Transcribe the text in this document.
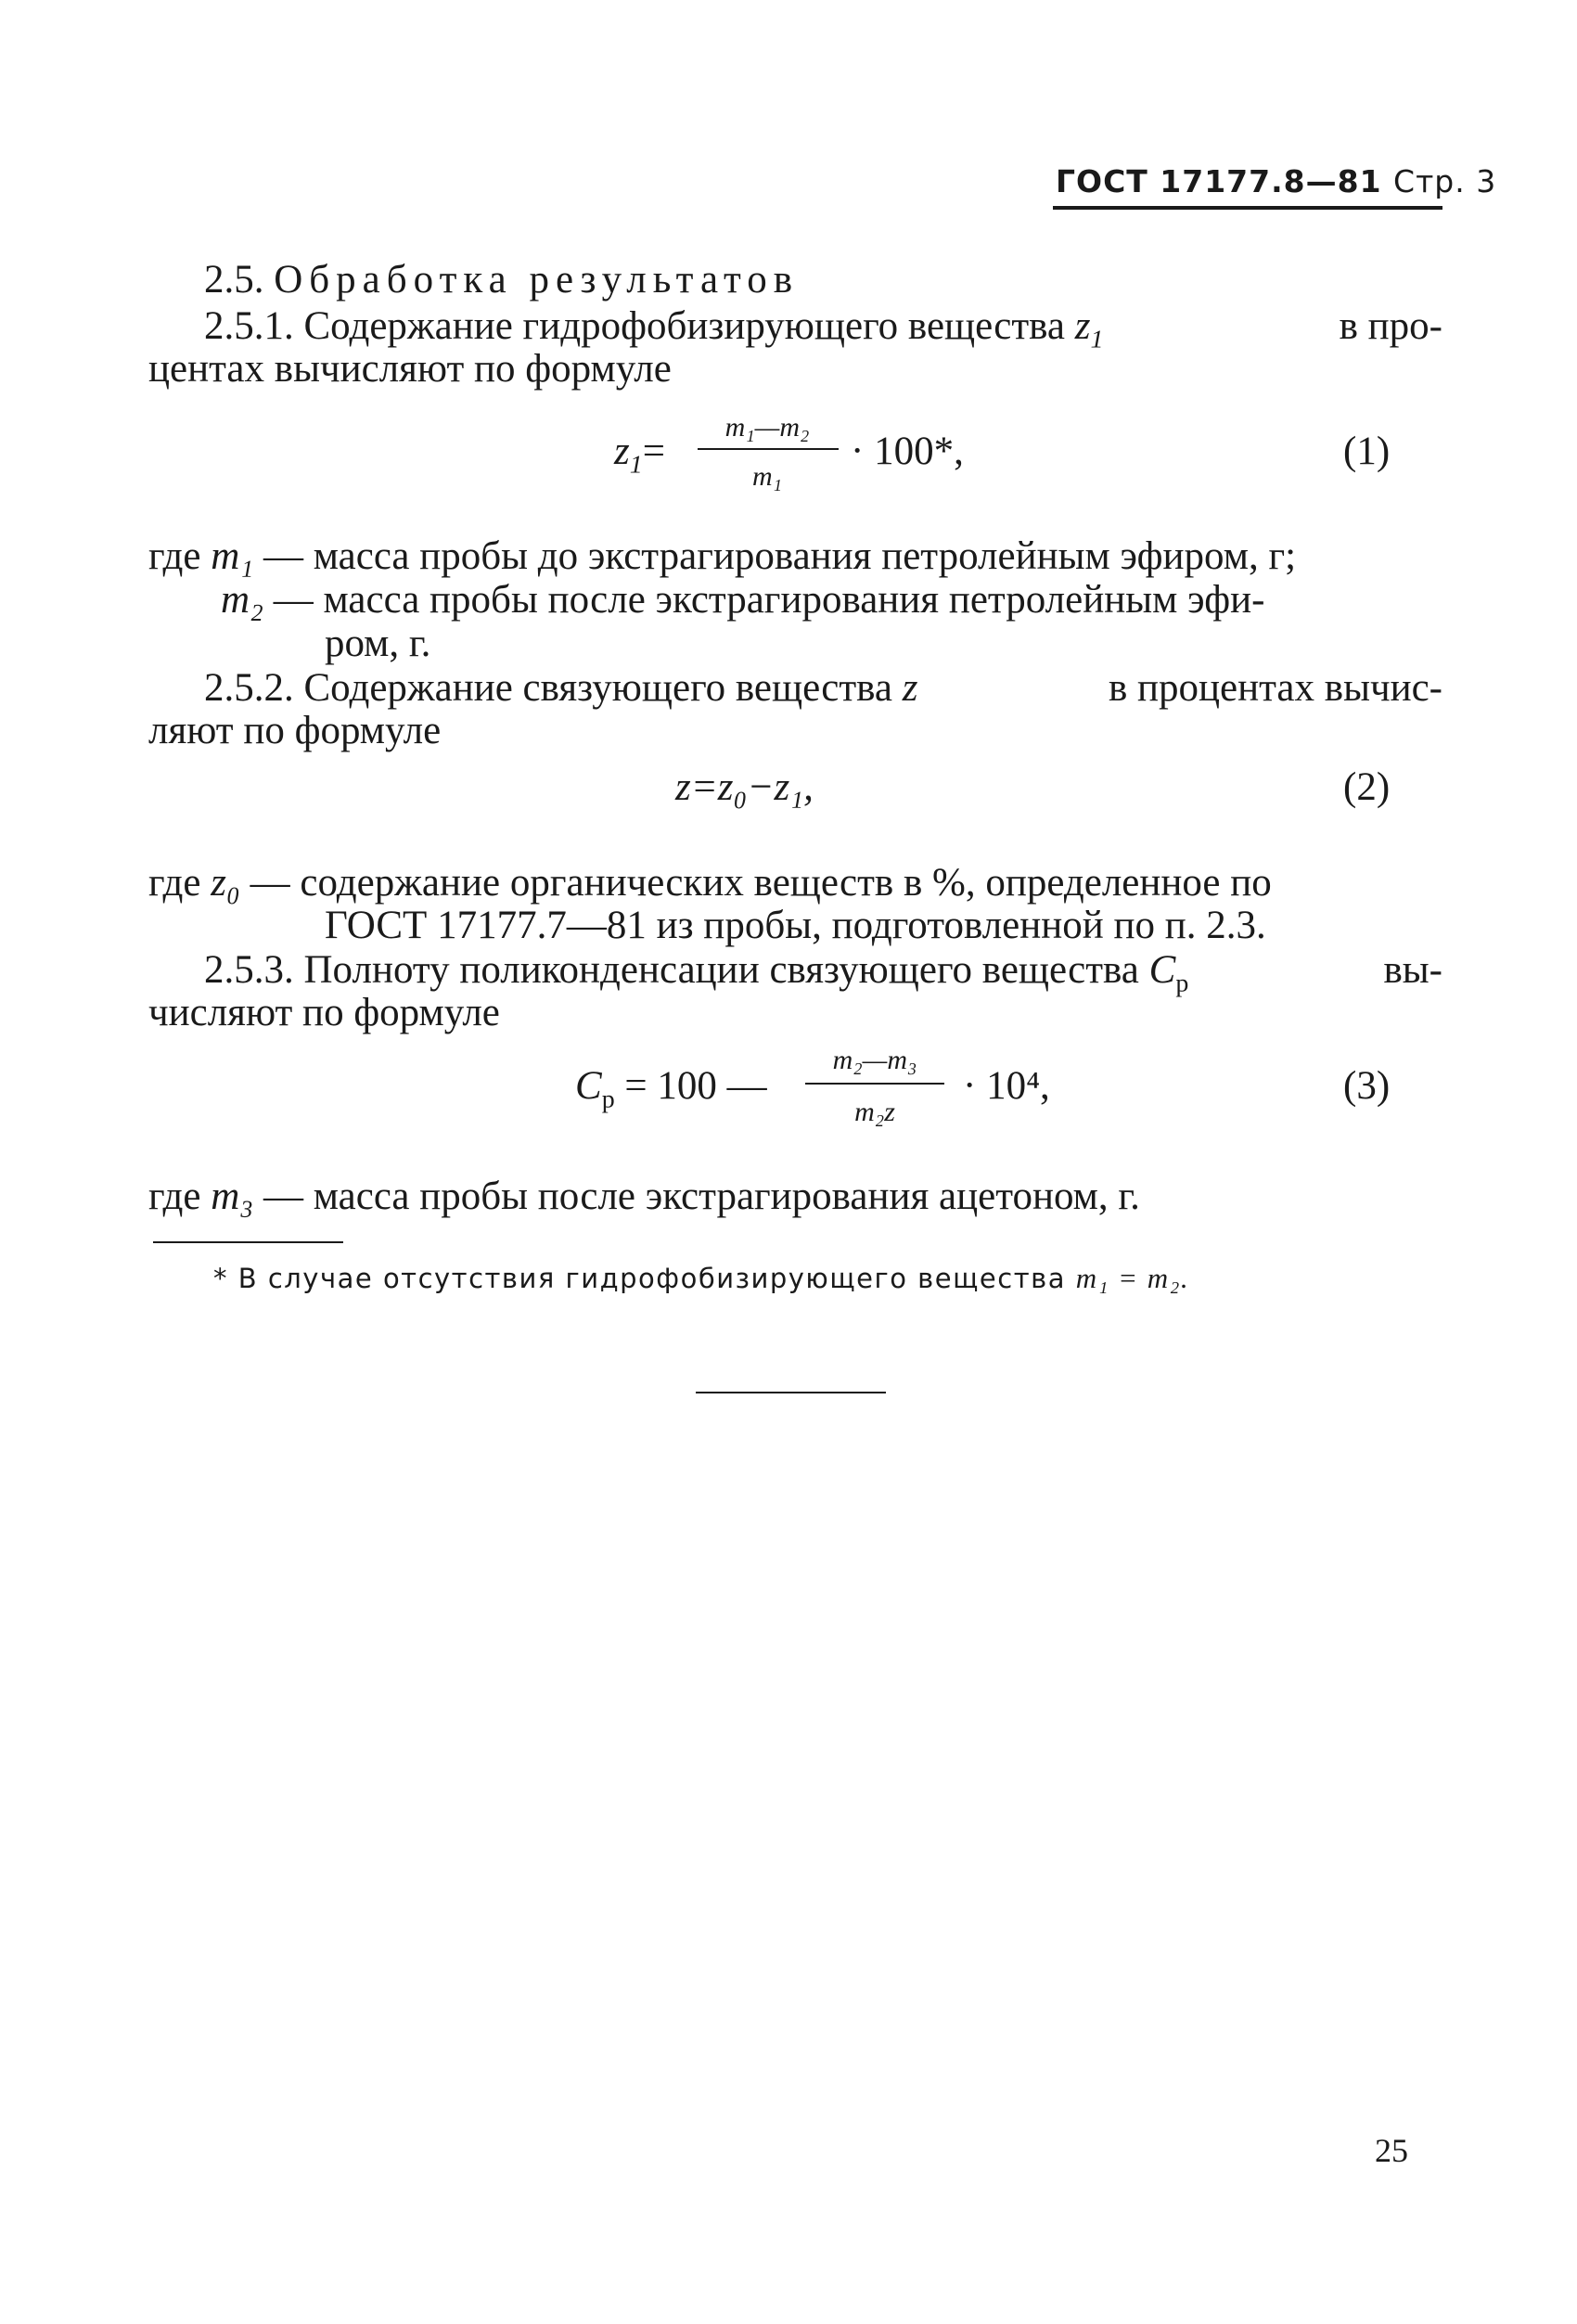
ГОСТ 17177.8—81 Стр. 3
2.5. Обработка результатов
2.5.1. Содержание гидрофобизирующего вещества $z_1$	в про-
центах вычисляют по формуле
$z_1=$
m₁—m₂
m₁
· 100*,	(1)
где m₁ — масса пробы до экстрагирования петролейным эфиром, г;
m₂ — масса пробы после экстрагирования петролейным эфи-
ром, г.
2.5.2. Содержание связующего вещества z	в процентах вычис-
ляют по формуле
z=z₀−z₁,	(2)
где z₀ — содержание органических веществ в %, определенное по
ГОСТ 17177.7—81 из пробы, подготовленной по п. 2.3.
2.5.3. Полноту поликонденсации связующего вещества $C_р$	вы-
числяют по формуле
$C_р = 100$ —
m₂—m₃
m₂z
· 10⁴,	(3)
где m₃ — масса пробы после экстрагирования ацетоном, г.
* В случае отсутствия гидрофобизирующего вещества m₁ = m₂.
25
